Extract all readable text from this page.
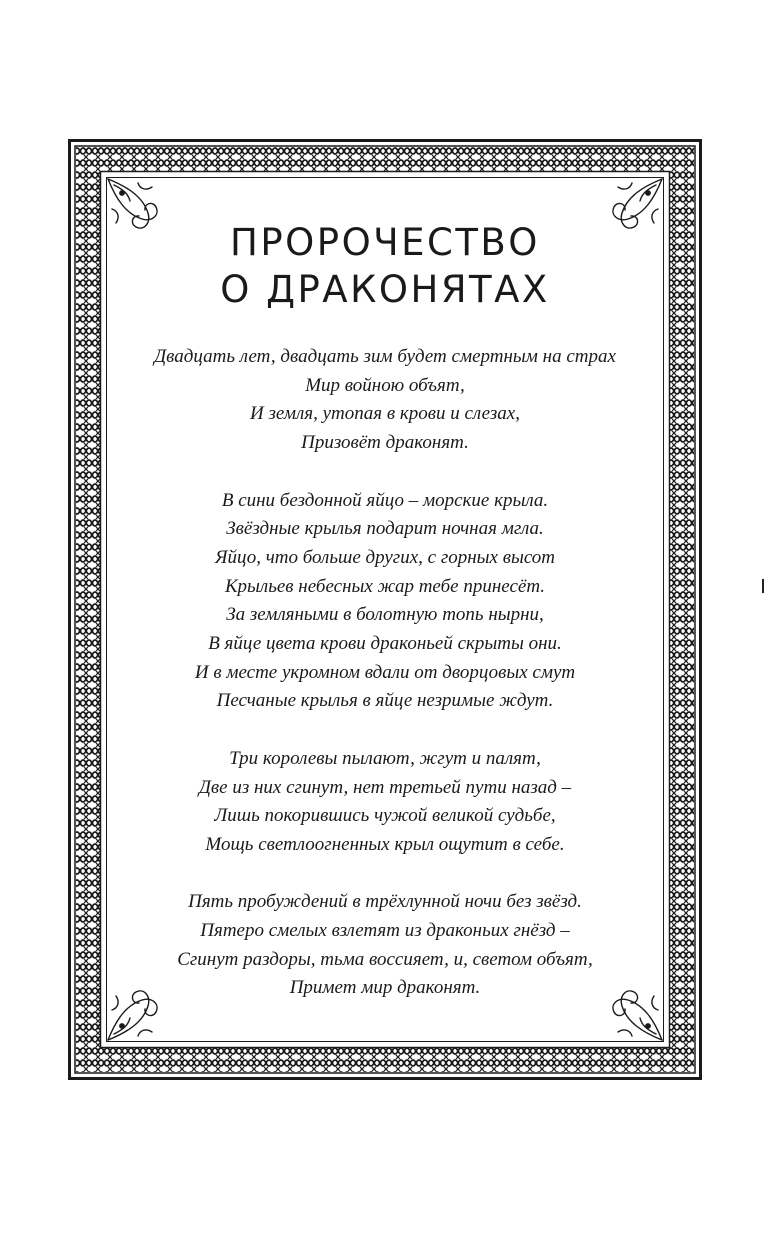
ПРОРОЧЕСТВО
О ДРАКОНЯТАХ
Двадцать лет, двадцать зим будет смертным на страх
Мир войною объят,
И земля, утопая в крови и слезах,
Призовёт драконят.
В сини бездонной яйцо – морские крыла.
Звёздные крылья подарит ночная мгла.
Яйцо, что больше других, с горных высот
Крыльев небесных жар тебе принесёт.
За земляными в болотную топь нырни,
В яйце цвета крови драконьей скрыты они.
И в месте укромном вдали от дворцовых смут
Песчаные крылья в яйце незримые ждут.
Три королевы пылают, жгут и палят,
Две из них сгинут, нет третьей пути назад –
Лишь покорившись чужой великой судьбе,
Мощь светлоогненных крыл ощутит в себе.
Пять пробуждений в трёхлунной ночи без звёзд.
Пятеро смелых взлетят из драконьих гнёзд –
Сгинут раздоры, тьма воссияет, и, светом объят,
Примет мир драконят.
